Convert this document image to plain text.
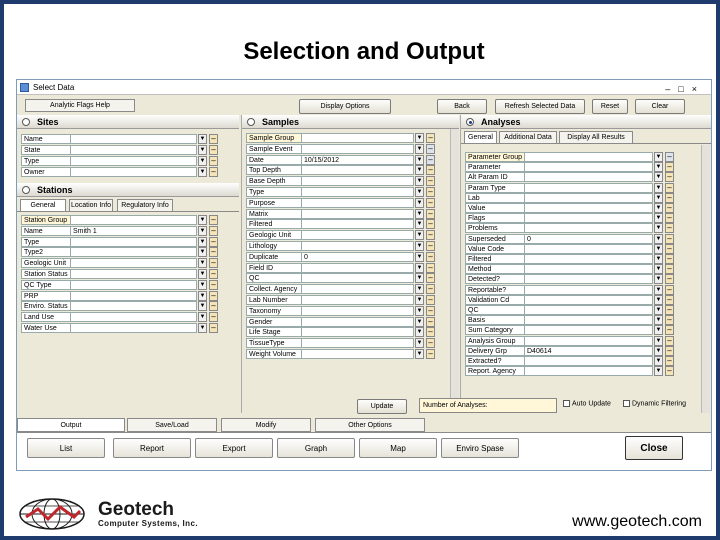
Selection and Output
Select Data	–□×
Analytic Flags Help	Display Options	Back	Refresh Selected Data	Reset	Clear
Sites
Name	▼ –
State	▼ –
Type	▼ –
Owner	▼ –
Stations
General	Location Info	Regulatory Info
Station Group	▼ –
Name	Smith 1	▼ –
Type	▼ –
Type2	▼ –
Geologic Unit	▼ –
Station Status	▼ –
QC Type	▼ –
PRP	▼ –
Enviro. Status	▼ –
Land Use	▼ –
Water Use	▼ –
Samples
Sample Group	▼ –
Sample Event	▼ –
Date	10/15/2012	▼ –
Top Depth	▼ –
Base Depth	▼ –
Type	▼ –
Purpose	▼ –
Matrix	▼ –
Filtered	▼ –
Geologic Unit	▼ –
Lithology	▼ –
Duplicate	0	▼ –
Field ID	▼ –
QC	▼ –
Collect. Agency	▼ –
Lab Number	▼ –
Taxonomy	▼ –
Gender	▼ –
Life Stage	▼ –
TissueType	▼ –
Weight Volume	▼ –
Analyses
General	Additional Data	Display All Results
Parameter Group	▼ –
Parameter	▼ –
Alt Param ID	▼ –
Param Type	▼ –
Lab	▼ –
Value	▼ –
Flags	▼ –
Problems	▼ –
Superseded	0	▼ –
Value Code	▼ –
Filtered	▼ –
Method	▼ –
Detected?	▼ –
Reportable?	▼ –
Validation Cd	▼ –
QC	▼ –
Basis	▼ –
Sum Category	▼ –
Analysis Group	▼ –
Delivery Grp	D40614	▼ –
Extracted?	▼ –
Report. Agency	▼ –
Update	Number of Analyses:	Auto Update	Dynamic Filtering
Output	Save/Load	Modify	Other Options
List	Report	Export	Graph	Map	Enviro Spase	Close
Geotech
Computer Systems, Inc.	www.geotech.com
